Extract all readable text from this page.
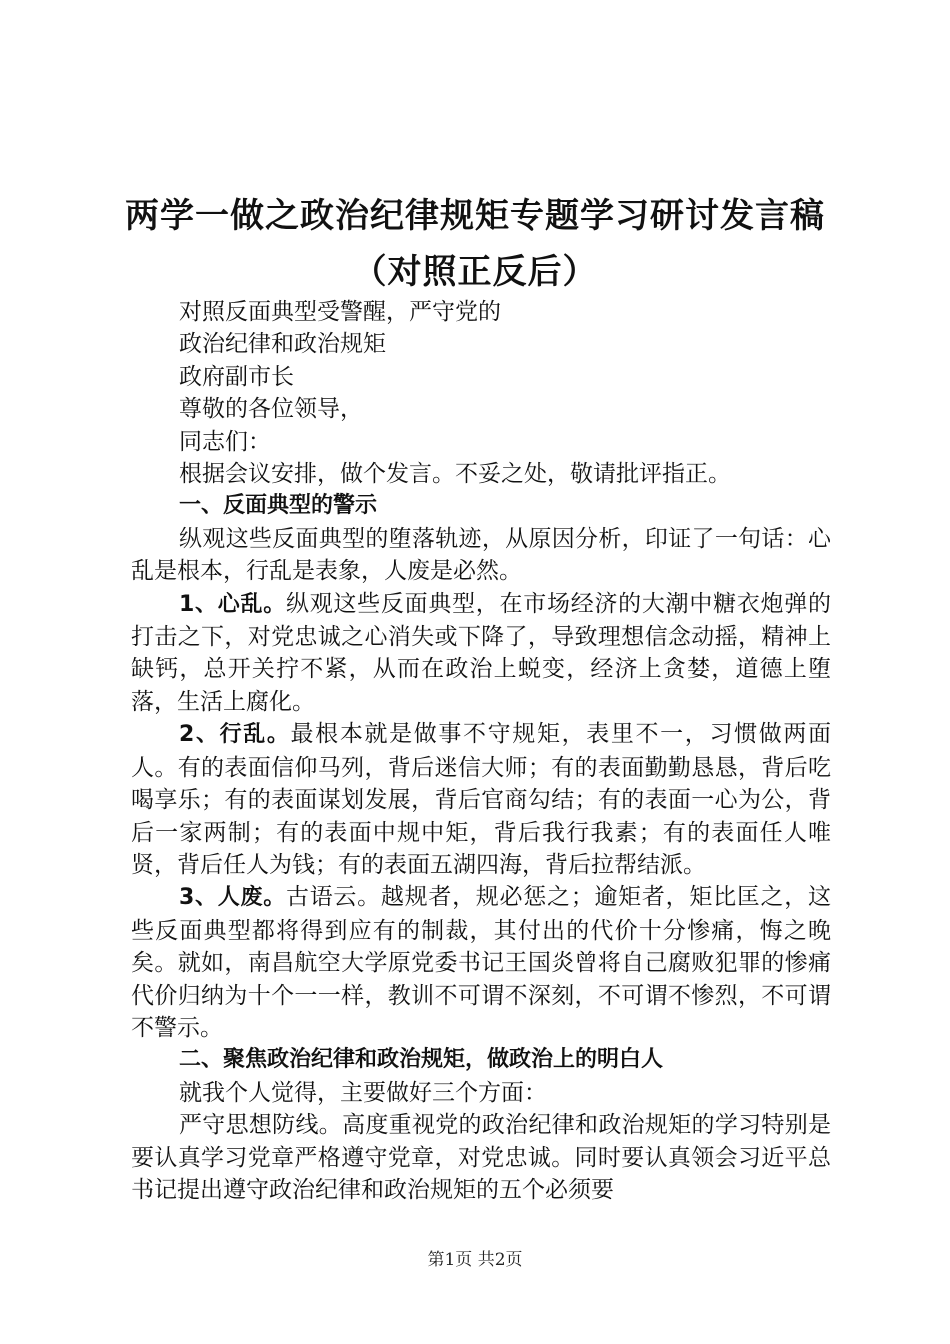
两学一做之政治纪律规矩专题学习研讨发言稿
（对照正反后）

对照反面典型受警醒，严守党的

政治纪律和政治规矩

政府副市长

尊敬的各位领导，

同志们：

根据会议安排，做个发言。不妥之处，敬请批评指正。

一、反面典型的警示

纵观这些反面典型的堕落轨迹，从原因分析，印证了一句话：心乱是根本，行乱是表象，人废是必然。

1、心乱。纵观这些反面典型，在市场经济的大潮中糖衣炮弹的打击之下，对党忠诚之心消失或下降了，导致理想信念动摇，精神上缺钙，总开关拧不紧，从而在政治上蜕变，经济上贪婪，道德上堕落，生活上腐化。

2、行乱。最根本就是做事不守规矩，表里不一，习惯做两面人。有的表面信仰马列，背后迷信大师；有的表面勤勤恳恳，背后吃喝享乐；有的表面谋划发展，背后官商勾结；有的表面一心为公，背后一家两制；有的表面中规中矩，背后我行我素；有的表面任人唯贤，背后任人为钱；有的表面五湖四海，背后拉帮结派。

3、人废。古语云。越规者，规必惩之；逾矩者，矩比匡之，这些反面典型都将得到应有的制裁，其付出的代价十分惨痛，悔之晚矣。就如，南昌航空大学原党委书记王国炎曾将自己腐败犯罪的惨痛代价归纳为十个一一样，教训不可谓不深刻，不可谓不惨烈，不可谓不警示。

二、聚焦政治纪律和政治规矩，做政治上的明白人

就我个人觉得，主要做好三个方面：

严守思想防线。高度重视党的政治纪律和政治规矩的学习特别是要认真学习党章严格遵守党章，对党忠诚。同时要认真领会习近平总书记提出遵守政治纪律和政治规矩的五个必须要

第1页 共2页
